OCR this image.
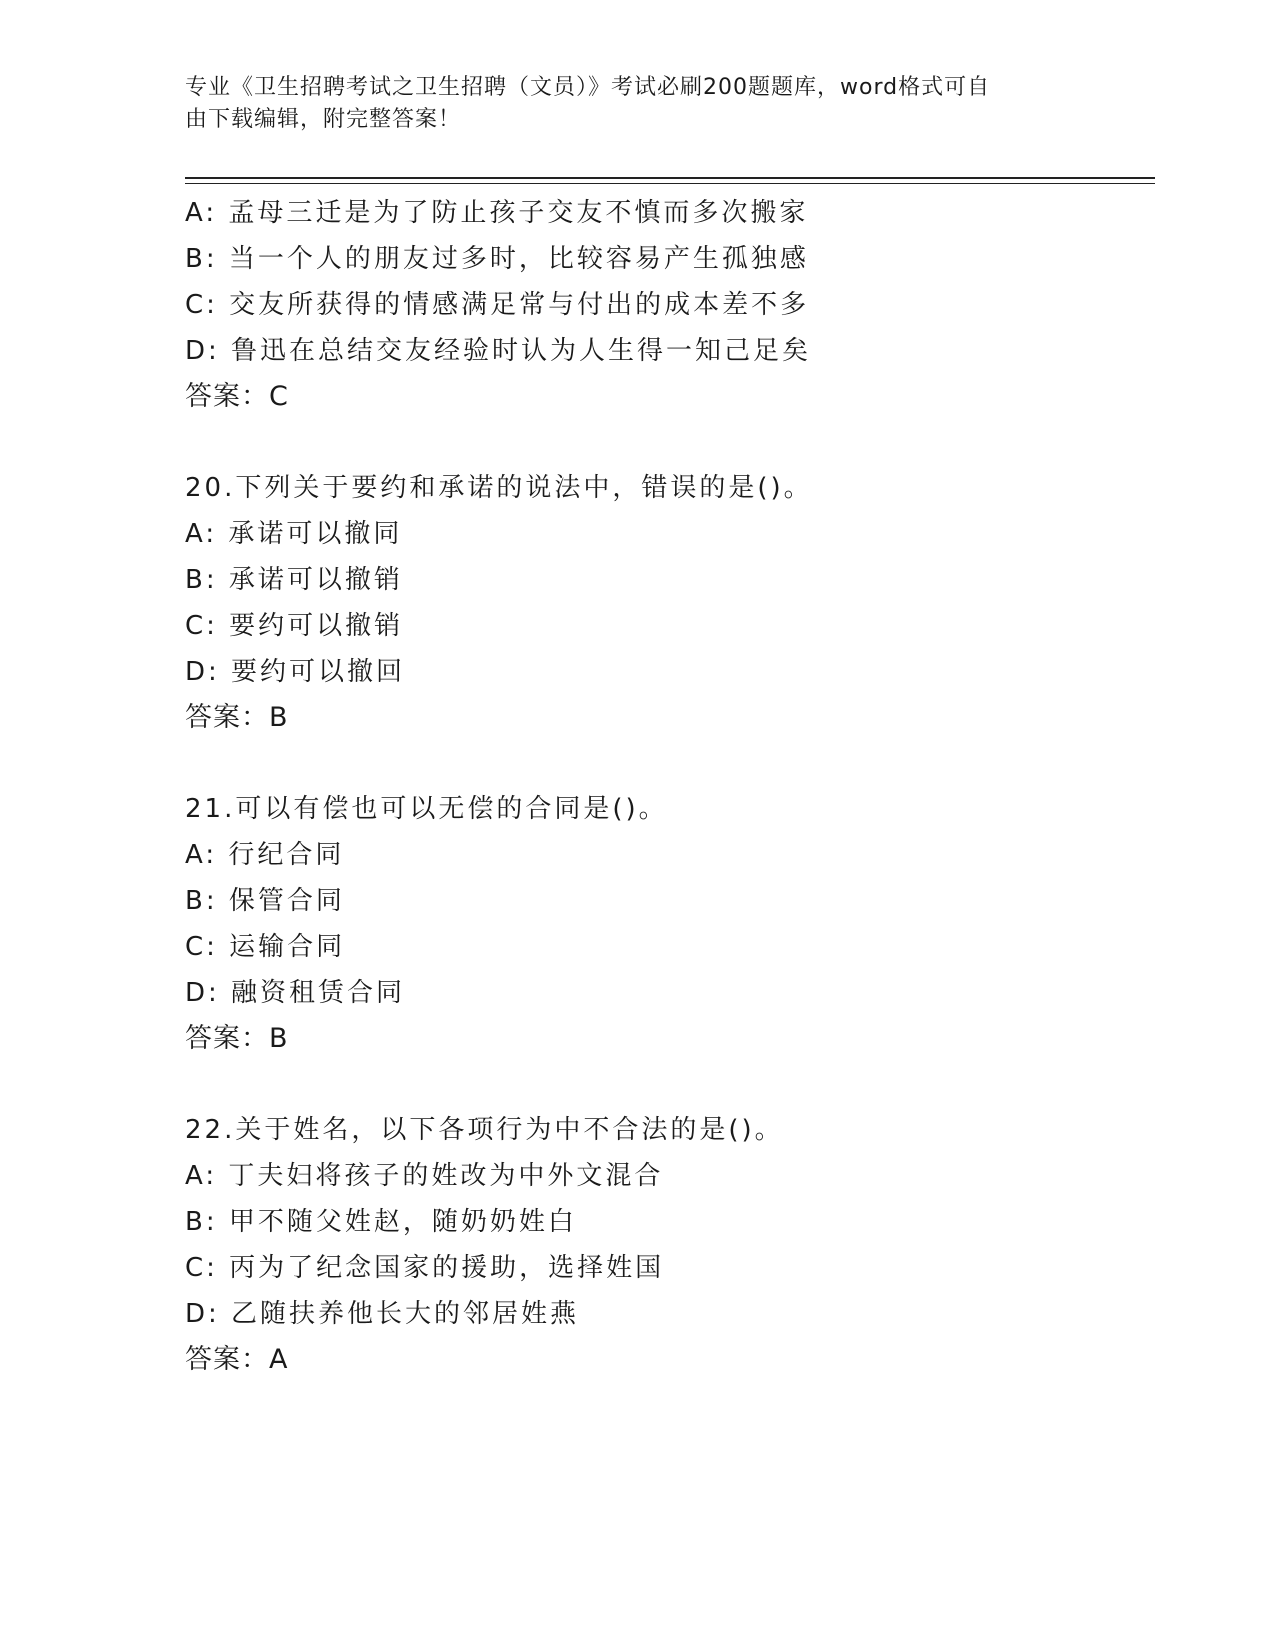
专业《卫生招聘考试之卫生招聘（文员）》考试必刷200题题库，word格式可自
由下载编辑，附完整答案！
A: 孟母三迁是为了防止孩子交友不慎而多次搬家
B: 当一个人的朋友过多时，比较容易产生孤独感
C: 交友所获得的情感满足常与付出的成本差不多
D: 鲁迅在总结交友经验时认为人生得一知己足矣
答案：C
20.下列关于要约和承诺的说法中，错误的是()。
A: 承诺可以撤同
B: 承诺可以撤销
C: 要约可以撤销
D: 要约可以撤回
答案：B
21.可以有偿也可以无偿的合同是()。
A: 行纪合同
B: 保管合同
C: 运输合同
D: 融资租赁合同
答案：B
22.关于姓名，以下各项行为中不合法的是()。
A: 丁夫妇将孩子的姓改为中外文混合
B: 甲不随父姓赵，随奶奶姓白
C: 丙为了纪念国家的援助，选择姓国
D: 乙随扶养他长大的邻居姓燕
答案：A
